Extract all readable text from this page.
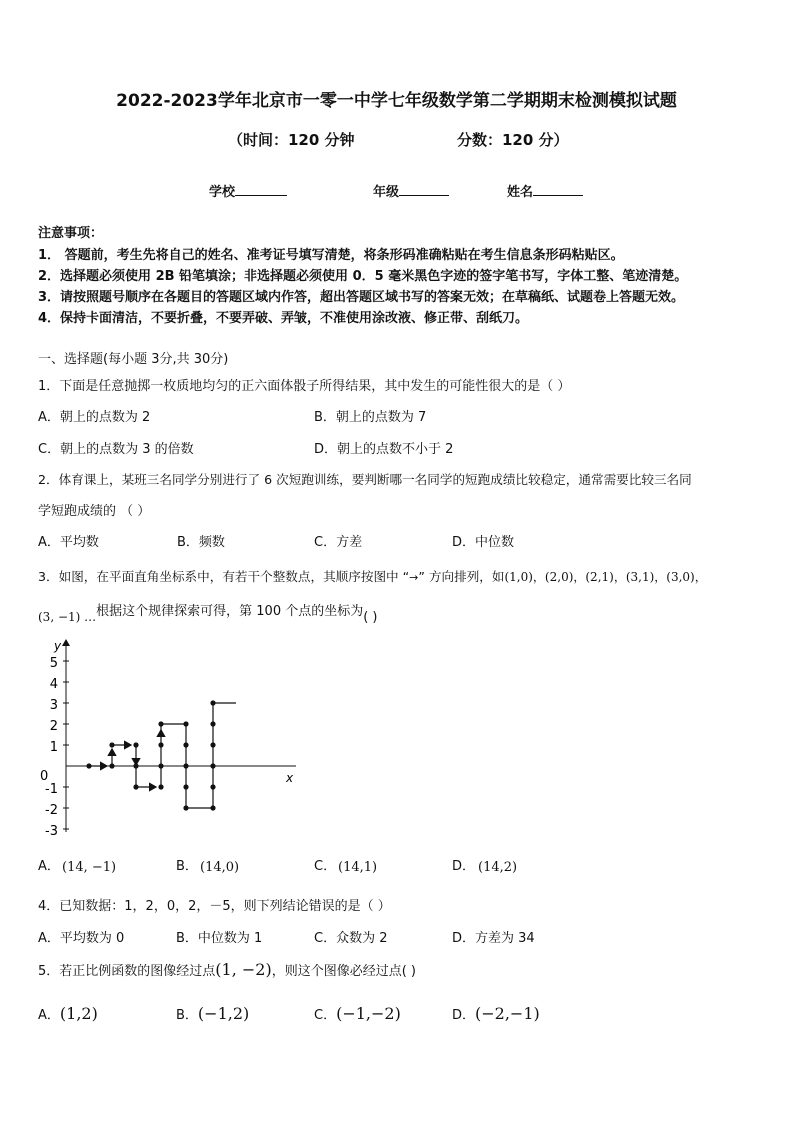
2022-2023学年北京市一零一中学七年级数学第二学期期末检测模拟试题
（时间：120 分钟	分数：120 分）
学校	年级	姓名
注意事项：
1． 答题前，考生先将自己的姓名、准考证号填写清楚，将条形码准确粘贴在考生信息条形码粘贴区。
2．选择题必须使用 2B 铅笔填涂；非选择题必须使用 0．5 毫米黑色字迹的签字笔书写，字体工整、笔迹清楚。
3．请按照题号顺序在各题目的答题区域内作答，超出答题区域书写的答案无效；在草稿纸、试题卷上答题无效。
4．保持卡面清洁，不要折叠，不要弄破、弄皱，不准使用涂改液、修正带、刮纸刀。
一、选择题(每小题 3分,共 30分)
1．下面是任意抛掷一枚质地均匀的正六面体骰子所得结果，其中发生的可能性很大的是（ ）
A．朝上的点数为 2	B．朝上的点数为 7
C．朝上的点数为 3 的倍数	D．朝上的点数不小于 2
2．体育课上，某班三名同学分别进行了 6 次短跑训练，要判断哪一名同学的短跑成绩比较稳定，通常需要比较三名同
学短跑成绩的 （ ）
A．平均数	B．频数	C．方差	D．中位数
3．如图，在平面直角坐标系中，有若干个整数点，其顺序按图中 “→” 方向排列，如(1,0)，(2,0)，(2,1)，(3,1)，(3,0)，
(3, −1) …根据这个规律探索可得，第 100 个点的坐标为( )
y
x
0
5
4
3
2
1
-1
-2
-3
A． (14, −1)	B． (14,0)	C． (14,1)	D． (14,2)
4．已知数据：1，2，0，2，－5，则下列结论错误的是（ ）
A．平均数为 0	B．中位数为 1	C．众数为 2	D．方差为 34
5．若正比例函数的图像经过点(1, −2)，则这个图像必经过点( )
A．(1,2)	B．(−1,2)	C．(−1,−2)	D．(−2,−1)
